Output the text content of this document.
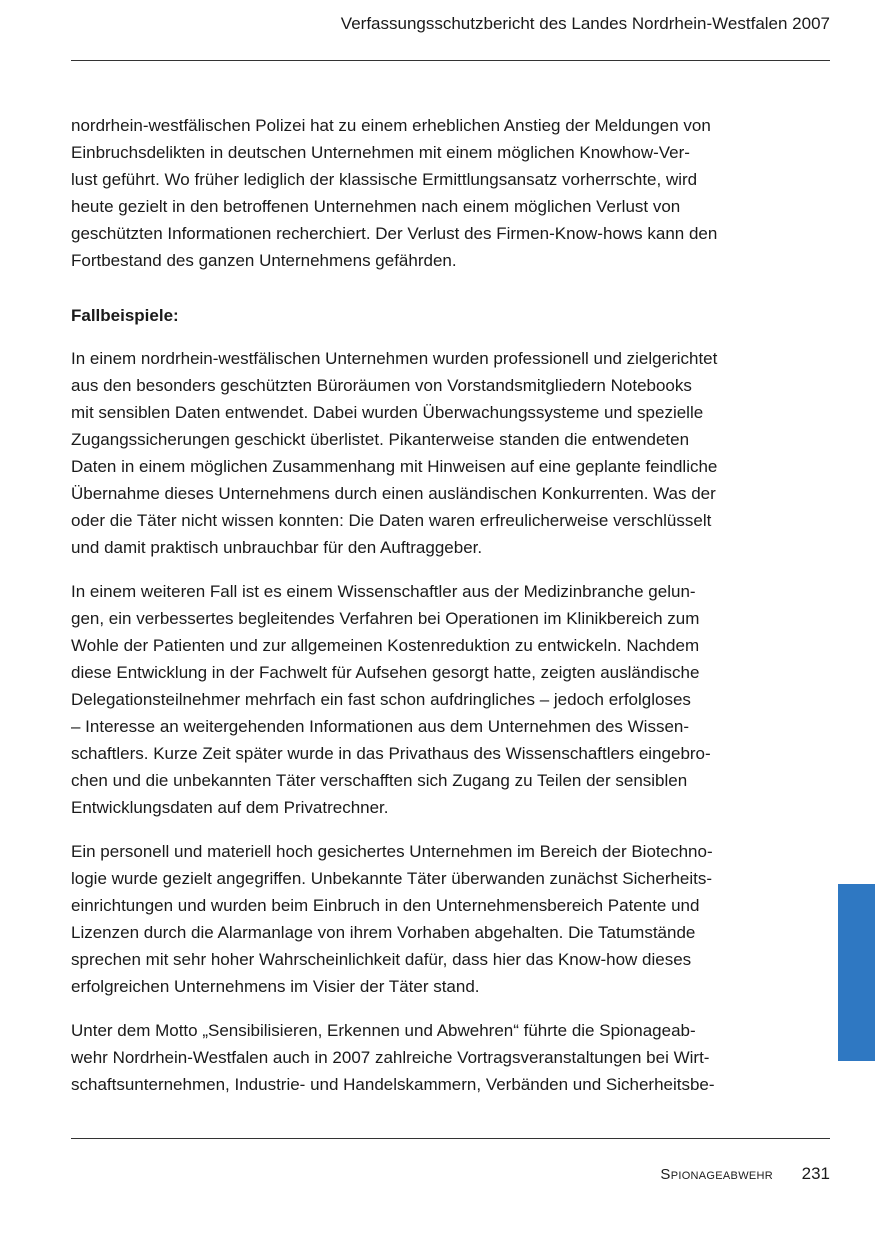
Verfassungsschutzbericht des Landes Nordrhein-Westfalen 2007

nordrhein-westfälischen Polizei hat zu einem erheblichen Anstieg der Meldungen von
Einbruchsdelikten in deutschen Unternehmen mit einem möglichen Knowhow-Ver-
lust geführt. Wo früher lediglich der klassische Ermittlungsansatz vorherrschte, wird
heute gezielt in den betroffenen Unternehmen nach einem möglichen Verlust von
geschützten Informationen recherchiert. Der Verlust des Firmen-Know-hows kann den
Fortbestand des ganzen Unternehmens gefährden.

Fallbeispiele:

In einem nordrhein-westfälischen Unternehmen wurden professionell und zielgerichtet
aus den besonders geschützten Büroräumen von Vorstandsmitgliedern Notebooks
mit sensiblen Daten entwendet. Dabei wurden Überwachungssysteme und spezielle
Zugangssicherungen geschickt überlistet. Pikanterweise standen die entwendeten
Daten in einem möglichen Zusammenhang mit Hinweisen auf eine geplante feindliche
Übernahme dieses Unternehmens durch einen ausländischen Konkurrenten. Was der
oder die Täter nicht wissen konnten: Die Daten waren erfreulicherweise verschlüsselt
und damit praktisch unbrauchbar für den Auftraggeber.

In einem weiteren Fall ist es einem Wissenschaftler aus der Medizinbranche gelun-
gen, ein verbessertes begleitendes Verfahren bei Operationen im Klinikbereich zum
Wohle der Patienten und zur allgemeinen Kostenreduktion zu entwickeln. Nachdem
diese Entwicklung in der Fachwelt für Aufsehen gesorgt hatte, zeigten ausländische
Delegationsteilnehmer mehrfach ein fast schon aufdringliches – jedoch erfolgloses
– Interesse an weitergehenden Informationen aus dem Unternehmen des Wissen-
schaftlers. Kurze Zeit später wurde in das Privathaus des Wissenschaftlers eingebro-
chen und die unbekannten Täter verschafften sich Zugang zu Teilen der sensiblen
Entwicklungsdaten auf dem Privatrechner.

Ein personell und materiell hoch gesichertes Unternehmen im Bereich der Biotechno-
logie wurde gezielt angegriffen. Unbekannte Täter überwanden zunächst Sicherheits-
einrichtungen und wurden beim Einbruch in den Unternehmensbereich Patente und
Lizenzen durch die Alarmanlage von ihrem Vorhaben abgehalten. Die Tatumstände
sprechen mit sehr hoher Wahrscheinlichkeit dafür, dass hier das Know-how dieses
erfolgreichen Unternehmens im Visier der Täter stand.

Unter dem Motto „Sensibilisieren, Erkennen und Abwehren“ führte die Spionageab-
wehr Nordrhein-Westfalen auch in 2007 zahlreiche Vortragsveranstaltungen bei Wirt-
schaftsunternehmen, Industrie- und Handelskammern, Verbänden und Sicherheitsbe-

Spionageabwehr 231
